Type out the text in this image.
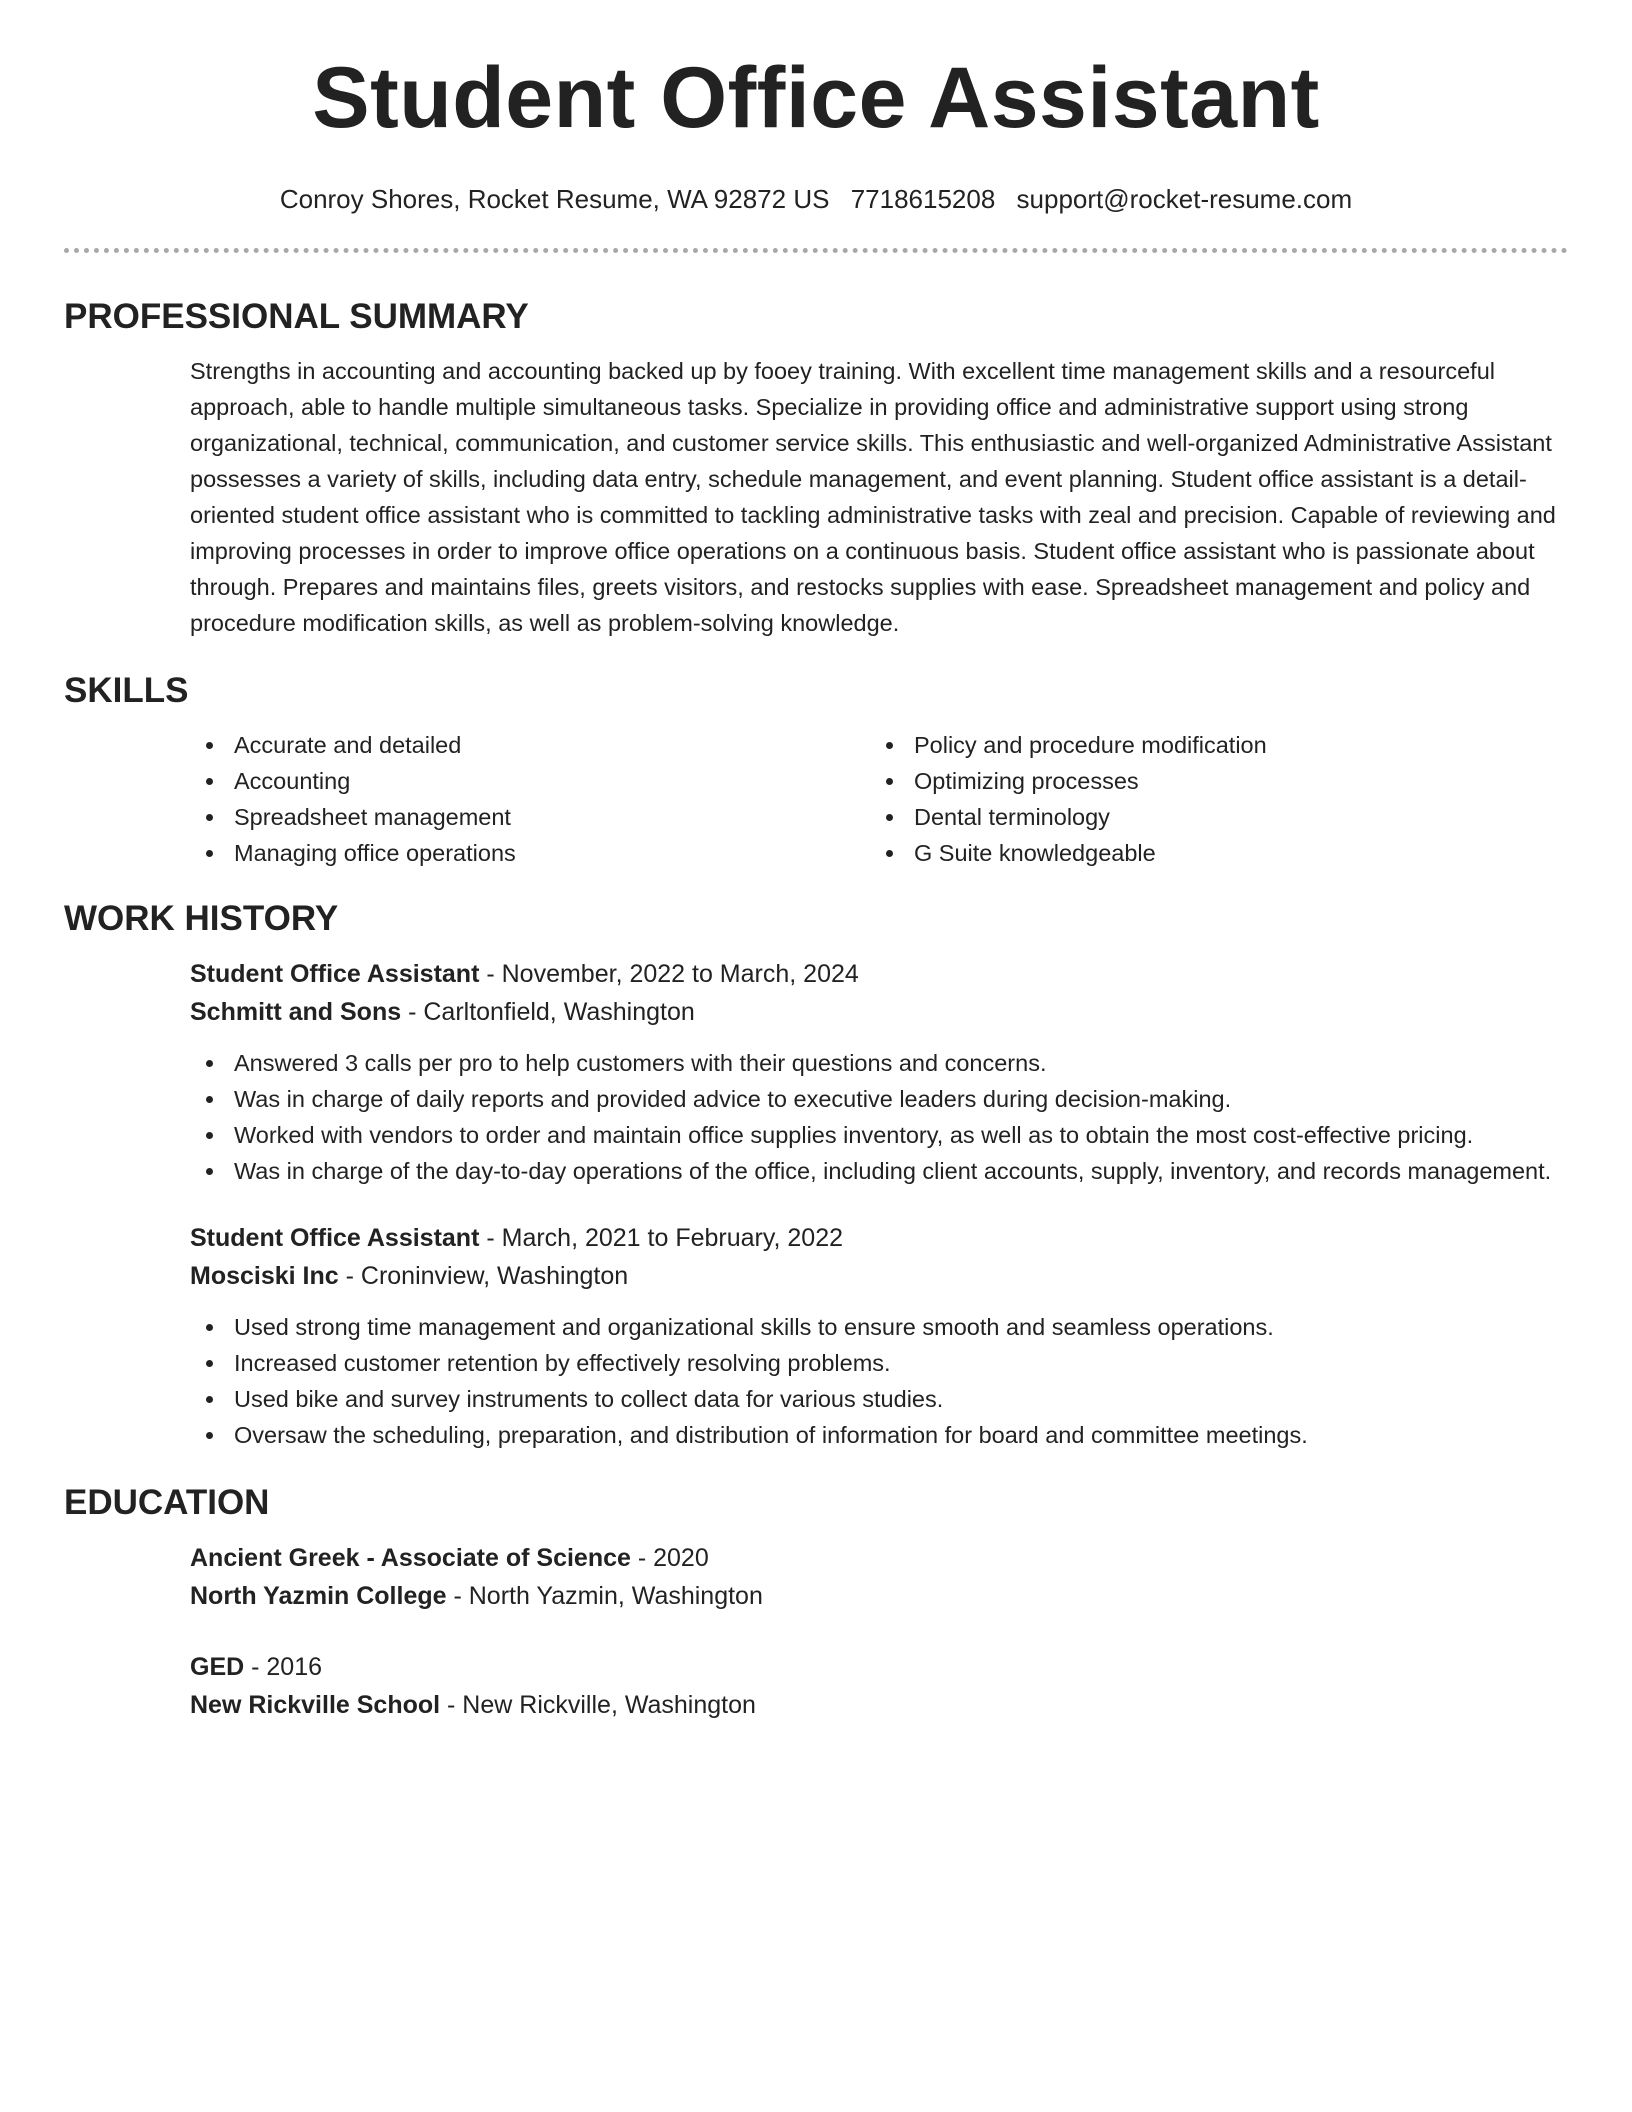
Student Office Assistant
Conroy Shores, Rocket Resume, WA 92872 US 7718615208 support@rocket-resume.com
PROFESSIONAL SUMMARY

Strengths in accounting and accounting backed up by fooey training. With excellent time management skills and a resourceful approach, able to handle multiple simultaneous tasks. Specialize in providing office and administrative support using strong organizational, technical, communication, and customer service skills. This enthusiastic and well-organized Administrative Assistant possesses a variety of skills, including data entry, schedule management, and event planning. Student office assistant is a detail-oriented student office assistant who is committed to tackling administrative tasks with zeal and precision. Capable of reviewing and improving processes in order to improve office operations on a continuous basis. Student office assistant who is passionate about through. Prepares and maintains files, greets visitors, and restocks supplies with ease. Spreadsheet management and policy and procedure modification skills, as well as problem-solving knowledge.

SKILLS
Accurate and detailed
Accounting
Spreadsheet management
Managing office operations
Policy and procedure modification
Optimizing processes
Dental terminology
G Suite knowledgeable
WORK HISTORY

Student Office Assistant - November, 2022 to March, 2024

Schmitt and Sons - Carltonfield, Washington

Answered 3 calls per pro to help customers with their questions and concerns.
Was in charge of daily reports and provided advice to executive leaders during decision-making.
Worked with vendors to order and maintain office supplies inventory, as well as to obtain the most cost-effective pricing.
Was in charge of the day-to-day operations of the office, including client accounts, supply, inventory, and records management.

Student Office Assistant - March, 2021 to February, 2022

Mosciski Inc - Croninview, Washington

Used strong time management and organizational skills to ensure smooth and seamless operations.
Increased customer retention by effectively resolving problems.
Used bike and survey instruments to collect data for various studies.
Oversaw the scheduling, preparation, and distribution of information for board and committee meetings.
EDUCATION

Ancient Greek - Associate of Science - 2020

North Yazmin College - North Yazmin, Washington

GED - 2016

New Rickville School - New Rickville, Washington
